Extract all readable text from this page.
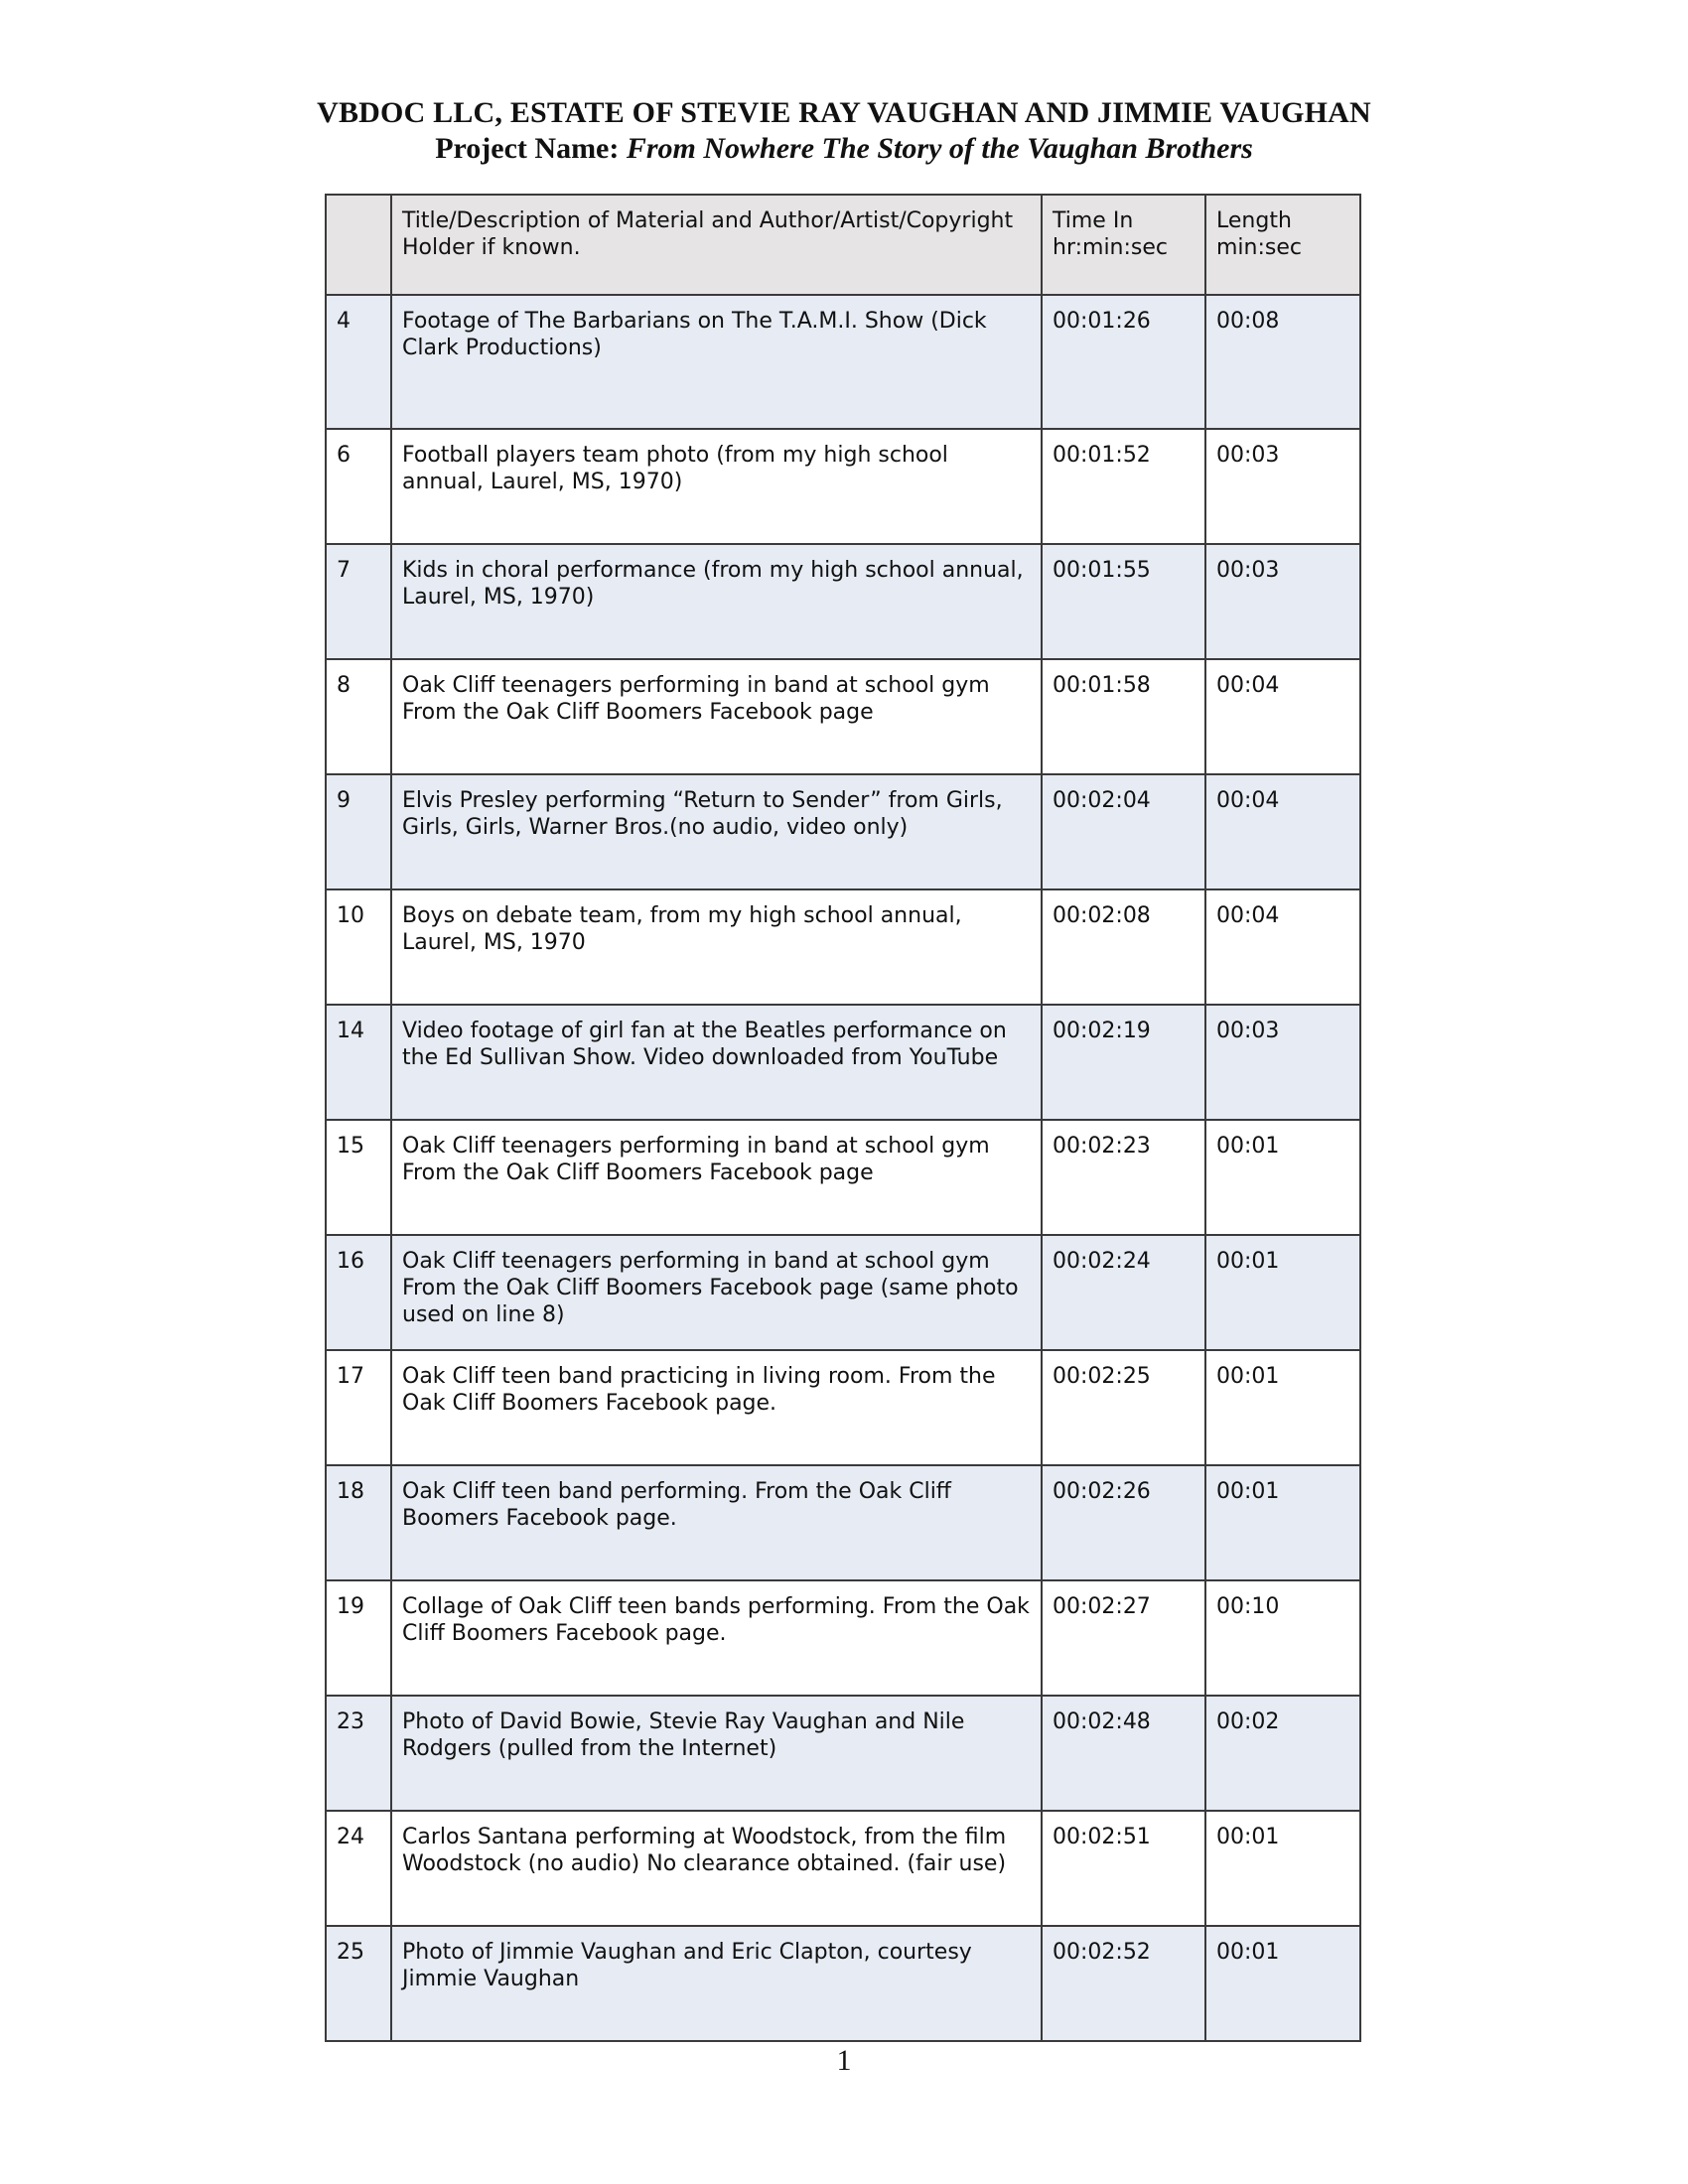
VBDOC LLC, ESTATE OF STEVIE RAY VAUGHAN AND JIMMIE VAUGHAN
Project Name: From Nowhere The Story of the Vaughan Brothers
	Title/Description of Material and Author/Artist/Copyright Holder if known.	Time In hr:min:sec	Length min:sec
4	Footage of The Barbarians on The T.A.M.I. Show (Dick Clark Productions)	00:01:26	00:08
6	Football players team photo (from my high school annual, Laurel, MS, 1970)	00:01:52	00:03
7	Kids in choral performance (from my high school annual, Laurel, MS, 1970)	00:01:55	00:03
8	Oak Cliff teenagers performing in band at school gym From the Oak Cliff Boomers Facebook page	00:01:58	00:04
9	Elvis Presley performing “Return to Sender” from Girls, Girls, Girls, Warner Bros.(no audio, video only)	00:02:04	00:04
10	Boys on debate team, from my high school annual, Laurel, MS, 1970	00:02:08	00:04
14	Video footage of girl fan at the Beatles performance on the Ed Sullivan Show. Video downloaded from YouTube	00:02:19	00:03
15	Oak Cliff teenagers performing in band at school gym From the Oak Cliff Boomers Facebook page	00:02:23	00:01
16	Oak Cliff teenagers performing in band at school gym From the Oak Cliff Boomers Facebook page (same photo used on line 8)	00:02:24	00:01
17	Oak Cliff teen band practicing in living room. From the Oak Cliff Boomers Facebook page.	00:02:25	00:01
18	Oak Cliff teen band performing. From the Oak Cliff Boomers Facebook page.	00:02:26	00:01
19	Collage of Oak Cliff teen bands performing. From the Oak Cliff Boomers Facebook page.	00:02:27	00:10
23	Photo of David Bowie, Stevie Ray Vaughan and Nile Rodgers (pulled from the Internet)	00:02:48	00:02
24	Carlos Santana performing at Woodstock, from the film Woodstock (no audio) No clearance obtained. (fair use)	00:02:51	00:01
25	Photo of Jimmie Vaughan and Eric Clapton, courtesy Jimmie Vaughan	00:02:52	00:01
1
